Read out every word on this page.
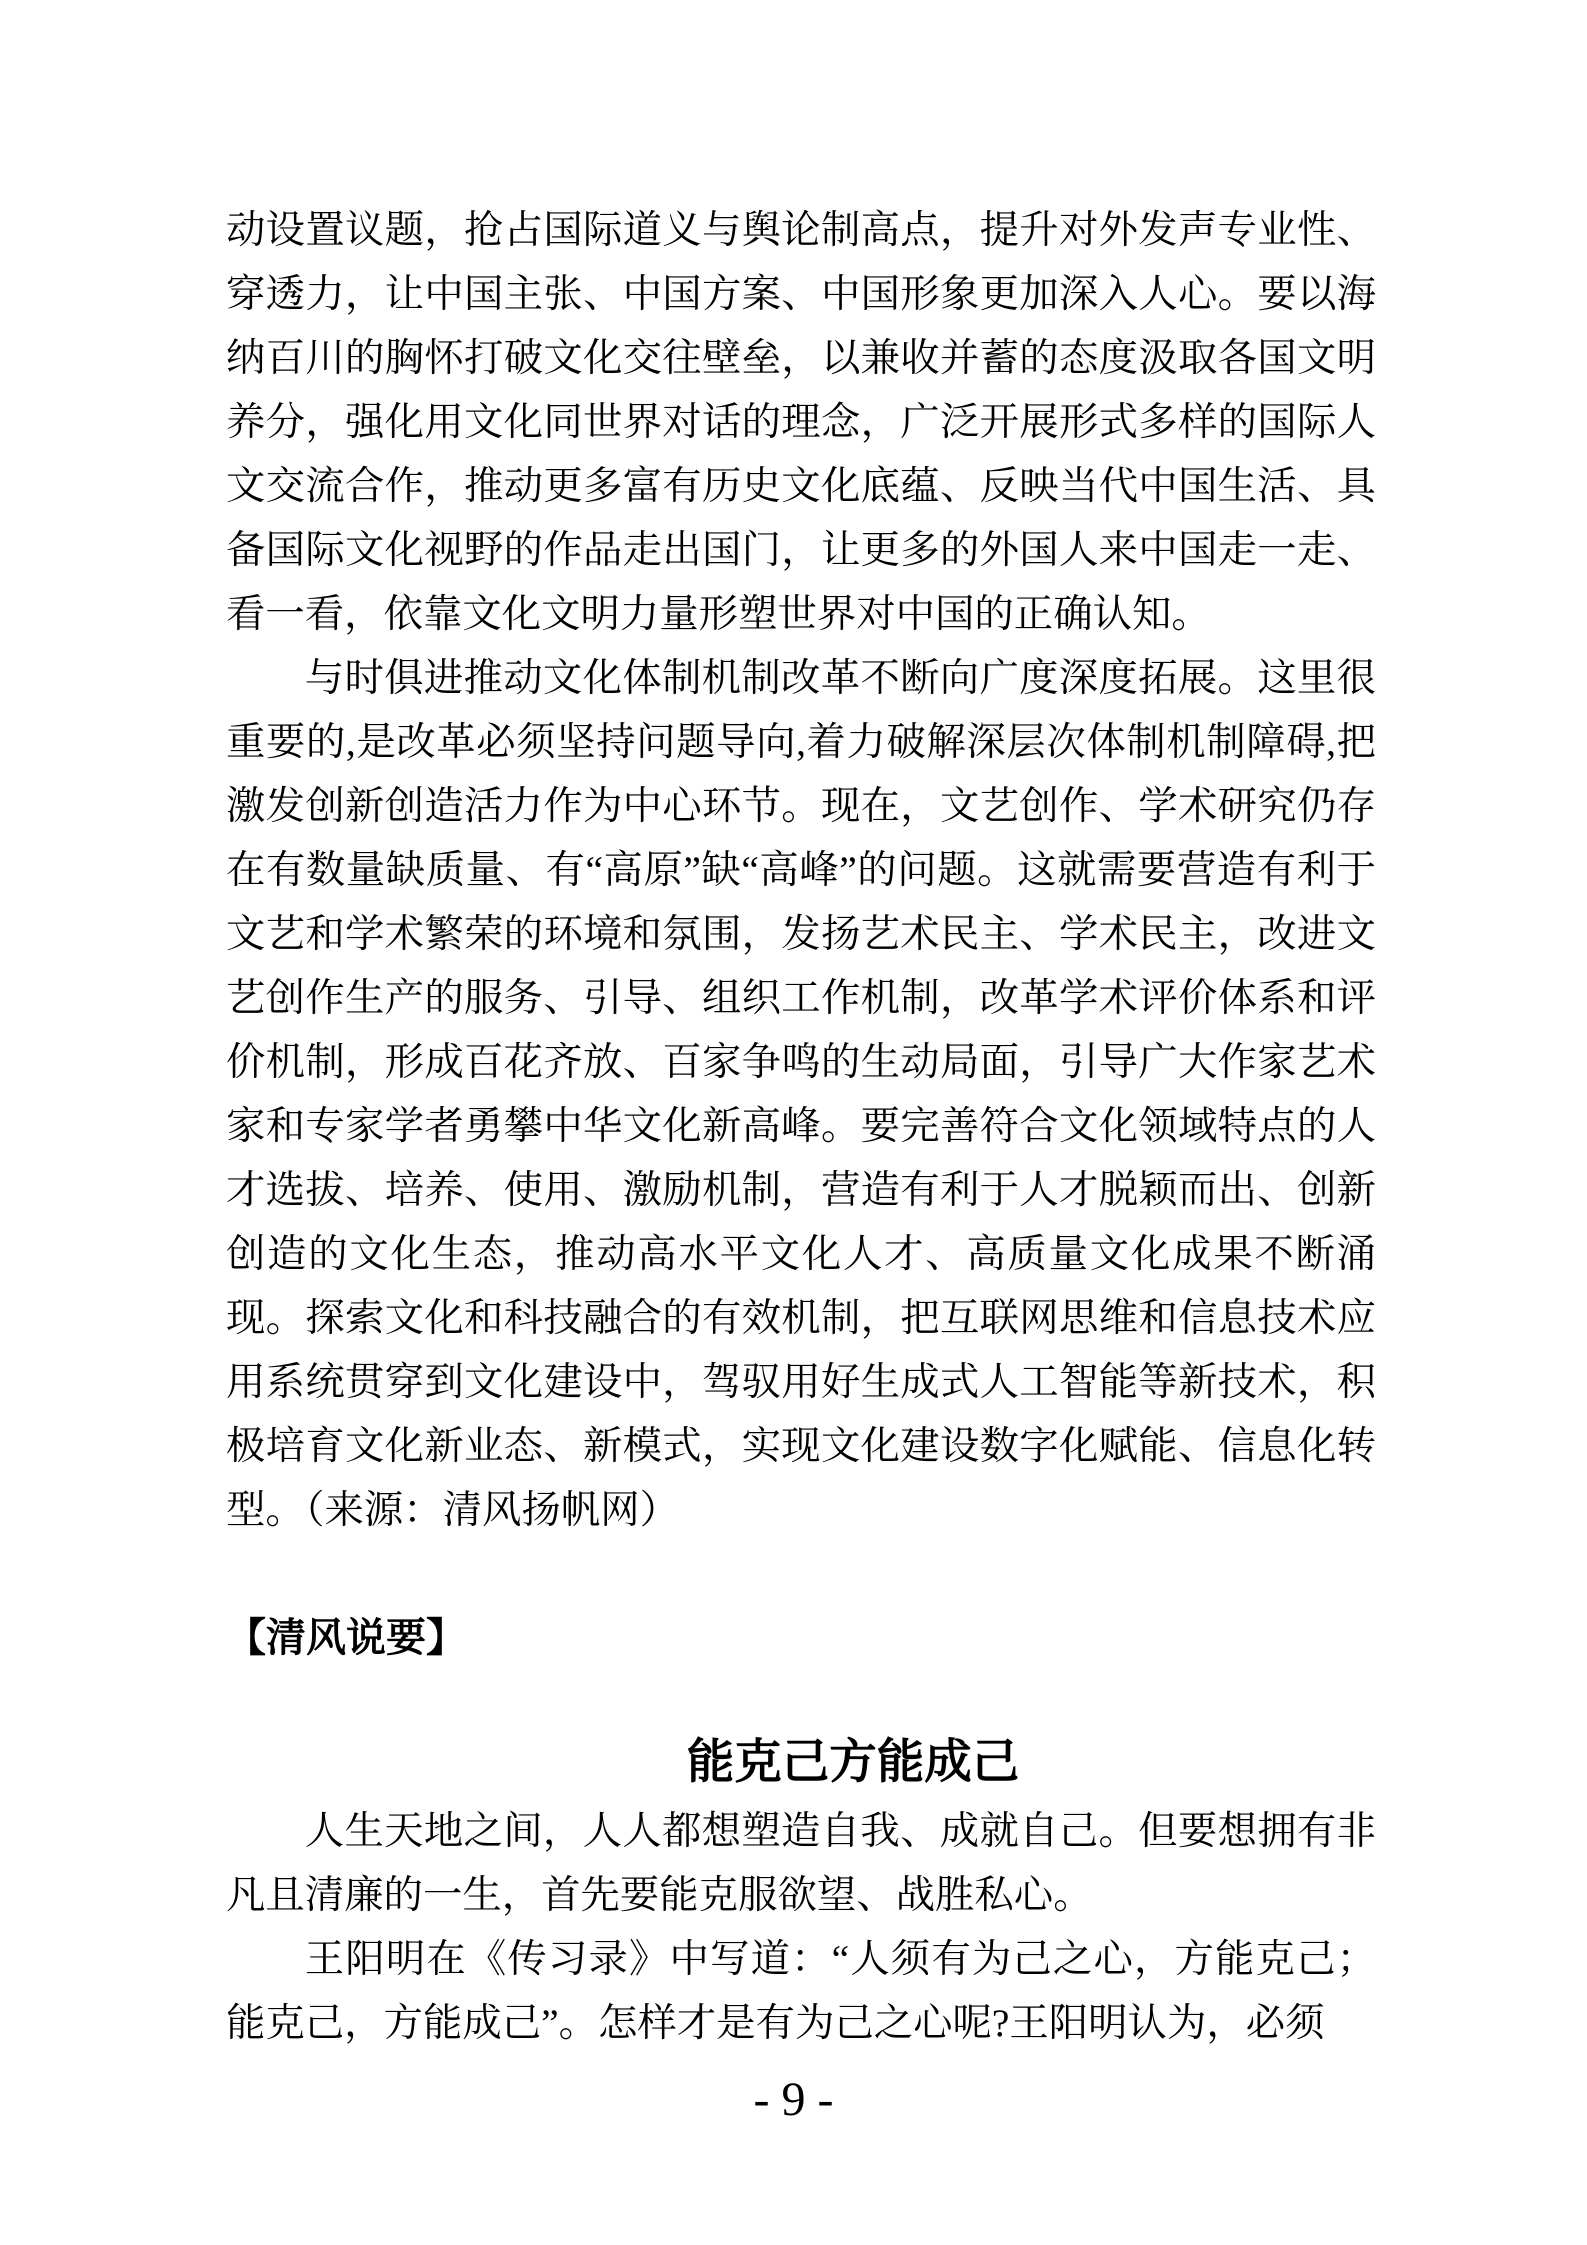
动设置议题，抢占国际道义与舆论制高点，提升对外发声专业性、穿透力，让中国主张、中国方案、中国形象更加深入人心。要以海纳百川的胸怀打破文化交往壁垒，以兼收并蓄的态度汲取各国文明养分，强化用文化同世界对话的理念，广泛开展形式多样的国际人文交流合作，推动更多富有历史文化底蕴、反映当代中国生活、具备国际文化视野的作品走出国门，让更多的外国人来中国走一走、看一看，依靠文化文明力量形塑世界对中国的正确认知。

与时俱进推动文化体制机制改革不断向广度深度拓展。这里很重要的,是改革必须坚持问题导向,着力破解深层次体制机制障碍,把激发创新创造活力作为中心环节。现在，文艺创作、学术研究仍存在有数量缺质量、有“高原”缺“高峰”的问题。这就需要营造有利于文艺和学术繁荣的环境和氛围，发扬艺术民主、学术民主，改进文艺创作生产的服务、引导、组织工作机制，改革学术评价体系和评价机制，形成百花齐放、百家争鸣的生动局面，引导广大作家艺术家和专家学者勇攀中华文化新高峰。要完善符合文化领域特点的人才选拔、培养、使用、激励机制，营造有利于人才脱颖而出、创新创造的文化生态，推动高水平文化人才、高质量文化成果不断涌现。探索文化和科技融合的有效机制，把互联网思维和信息技术应用系统贯穿到文化建设中，驾驭用好生成式人工智能等新技术，积极培育文化新业态、新模式，实现文化建设数字化赋能、信息化转型。（来源：清风扬帆网）

【清风说要】
能克己方能成己

人生天地之间，人人都想塑造自我、成就自己。但要想拥有非凡且清廉的一生，首先要能克服欲望、战胜私心。

王阳明在《传习录》中写道：“人须有为己之心，方能克己；能克己，方能成己”。怎样才是有为己之心呢?王阳明认为，必须

- 9 -
